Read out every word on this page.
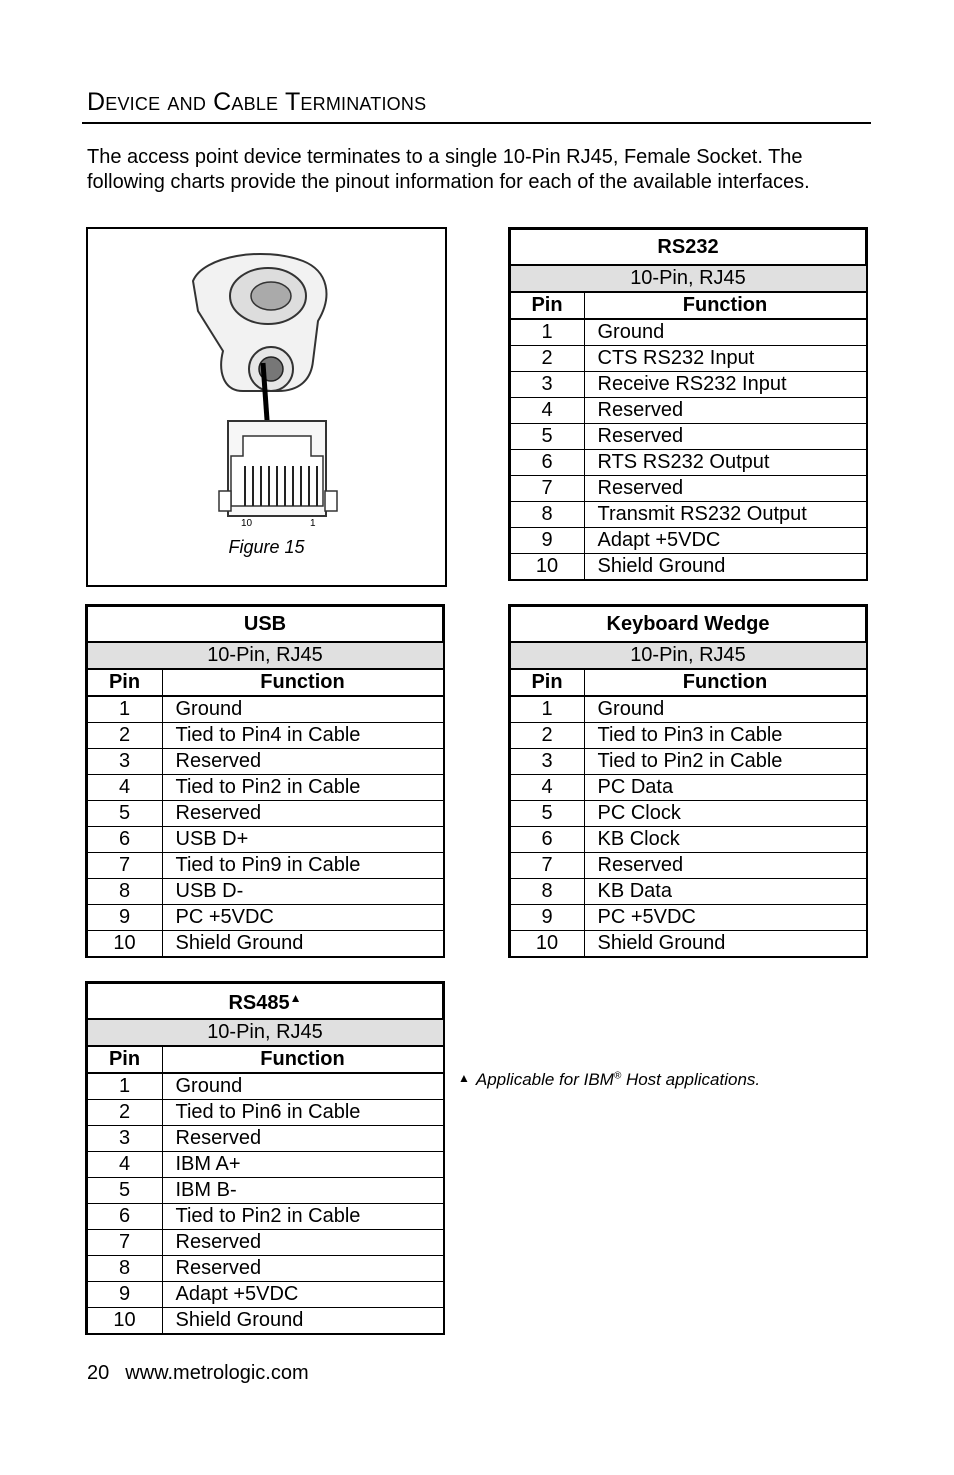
Device and Cable Terminations
The access point device terminates to a single 10-Pin RJ45, Female Socket. The following charts provide the pinout information for each of the available interfaces.
10	1
Figure 15
RS232	
10-Pin, RJ45	
Pin	Function
1	Ground
2	CTS RS232 Input
3	Receive RS232 Input
4	Reserved
5	Reserved
6	RTS RS232 Output
7	Reserved
8	Transmit RS232 Output
9	Adapt +5VDC
10	Shield Ground
USB	
10-Pin, RJ45	
Pin	Function
1	Ground
2	Tied to Pin4 in Cable
3	Reserved
4	Tied to Pin2 in Cable
5	Reserved
6	USB D+
7	Tied to Pin9 in Cable
8	USB D-
9	PC +5VDC
10	Shield Ground
Keyboard Wedge	
10-Pin, RJ45	
Pin	Function
1	Ground
2	Tied to Pin3 in Cable
3	Tied to Pin2 in Cable
4	PC Data
5	PC Clock
6	KB Clock
7	Reserved
8	KB Data
9	PC +5VDC
10	Shield Ground
RS485▲
10-Pin, RJ45	
Pin	Function
1	Ground
2	Tied to Pin6 in Cable
3	Reserved
4	IBM A+
5	IBM B-
6	Tied to Pin2 in Cable
7	Reserved
8	Reserved
9	Adapt +5VDC
10	Shield Ground
▲ Applicable for IBM® Host applications.
20 www.metrologic.com
